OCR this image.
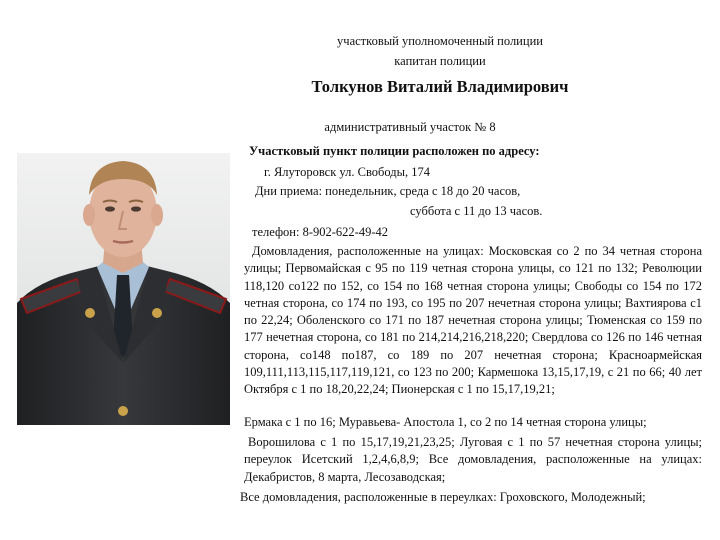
участковый уполномоченный полиции
капитан полиции
Толкунов Виталий Владимирович
административный участок № 8
Участковый пункт полиции расположен по адресу:
г. Ялуторовск ул. Свободы, 174
Дни приема: понедельник, среда с 18 до 20 часов,
суббота с 11 до 13 часов.
телефон: 8-902-622-49-42
Домовладения, расположенные на улицах: Московская со 2 по 34 четная сторона улицы; Первомайская с 95 по 119 четная сторона улицы, со 121 по 132; Революции 118,120 со122 по 152, со 154 по 168 четная сторона улицы; Свободы со 154 по 172 четная сторона, со 174 по 193, со 195 по 207 нечетная сторона улицы; Вахтиярова с1 по 22,24; Оболенского со 171 по 187 нечетная сторона улицы; Тюменская со 159 по 177 нечетная сторона, со 181 по 214,214,216,218,220; Свердлова со 126 по 146 четная сторона, со148 по187, со 189 по 207 нечетная сторона; Красноармейская 109,111,113,115,117,119,121, со 123 по 200; Кармешока 13,15,17,19, с 21 по 66; 40 лет Октября с 1 по 18,20,22,24; Пионерская с 1 по 15,17,19,21;
Ермака с 1 по 16; Муравьева- Апостола 1, со 2 по 14 четная сторона улицы;
Ворошилова с 1 по 15,17,19,21,23,25; Луговая с 1 по 57 нечетная сторона улицы; переулок Исетский 1,2,4,6,8,9; Все домовладения, расположенные на улицах: Декабристов, 8 марта, Лесозаводская;
Все домовладения, расположенные в переулках: Гроховского, Молодежный;
